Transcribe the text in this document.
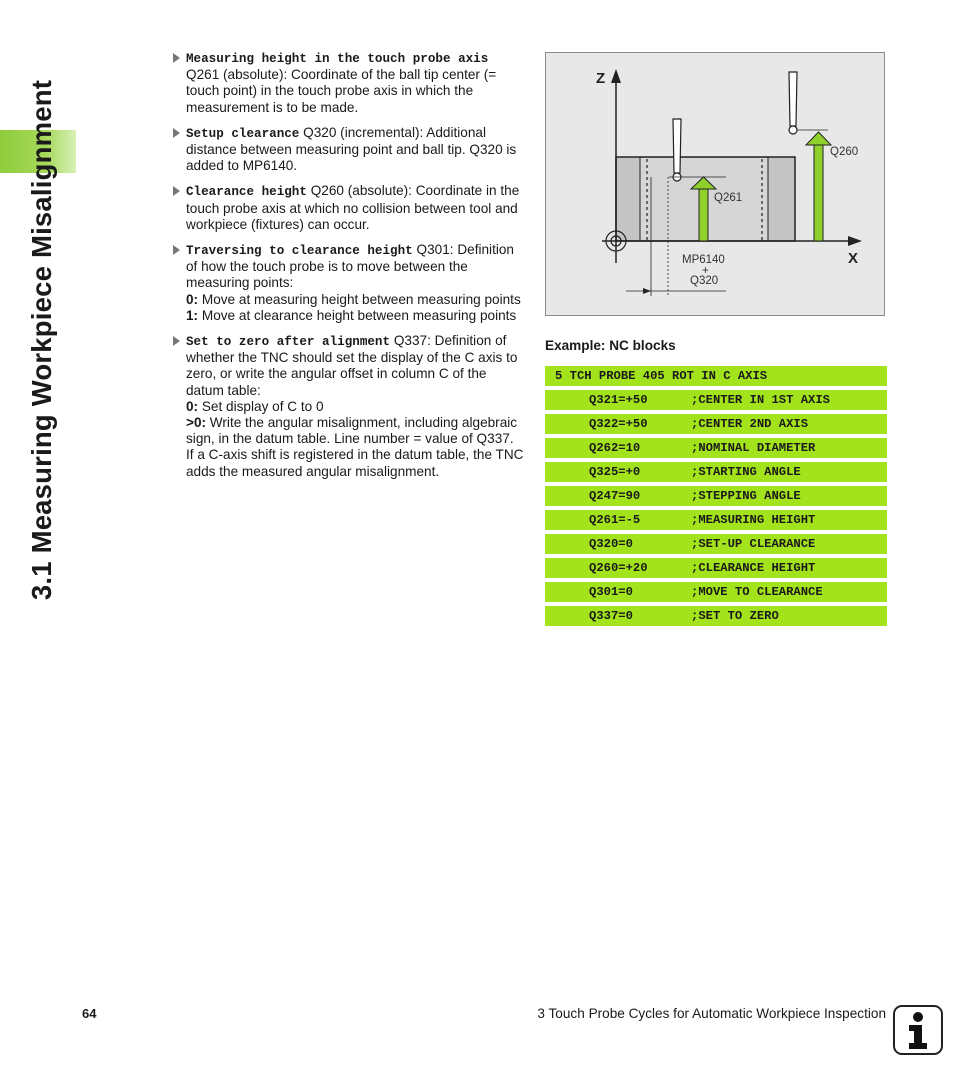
3.1 Measuring Workpiece Misalignment
Measuring height in the touch probe axis Q261 (absolute): Coordinate of the ball tip center (= touch point) in the touch probe axis in which the measurement is to be made.
Setup clearance Q320 (incremental): Additional distance between measuring point and ball tip. Q320 is added to MP6140.
Clearance height Q260 (absolute): Coordinate in the touch probe axis at which no collision between tool and workpiece (fixtures) can occur.
Traversing to clearance height Q301: Definition of how the touch probe is to move between the measuring points:
0: Move at measuring height between measuring points
1: Move at clearance height between measuring points
Set to zero after alignment Q337: Definition of whether the TNC should set the display of the C axis to zero, or write the angular offset in column C of the datum table:
0: Set display of C to 0
>0: Write the angular misalignment, including algebraic sign, in the datum table. Line number = value of Q337. If a C-axis shift is registered in the datum table, the TNC adds the measured angular misalignment.
Z
X
Q260
Q261
MP6140
+
Q320
Example: NC blocks
5 TCH PROBE 405 ROT IN C AXIS
Q321=+50	;CENTER IN 1ST AXIS
Q322=+50	;CENTER 2ND AXIS
Q262=10	;NOMINAL DIAMETER
Q325=+0	;STARTING ANGLE
Q247=90	;STEPPING ANGLE
Q261=-5	;MEASURING HEIGHT
Q320=0	;SET-UP CLEARANCE
Q260=+20	;CLEARANCE HEIGHT
Q301=0	;MOVE TO CLEARANCE
Q337=0	;SET TO ZERO
64	3 Touch Probe Cycles for Automatic Workpiece Inspection
